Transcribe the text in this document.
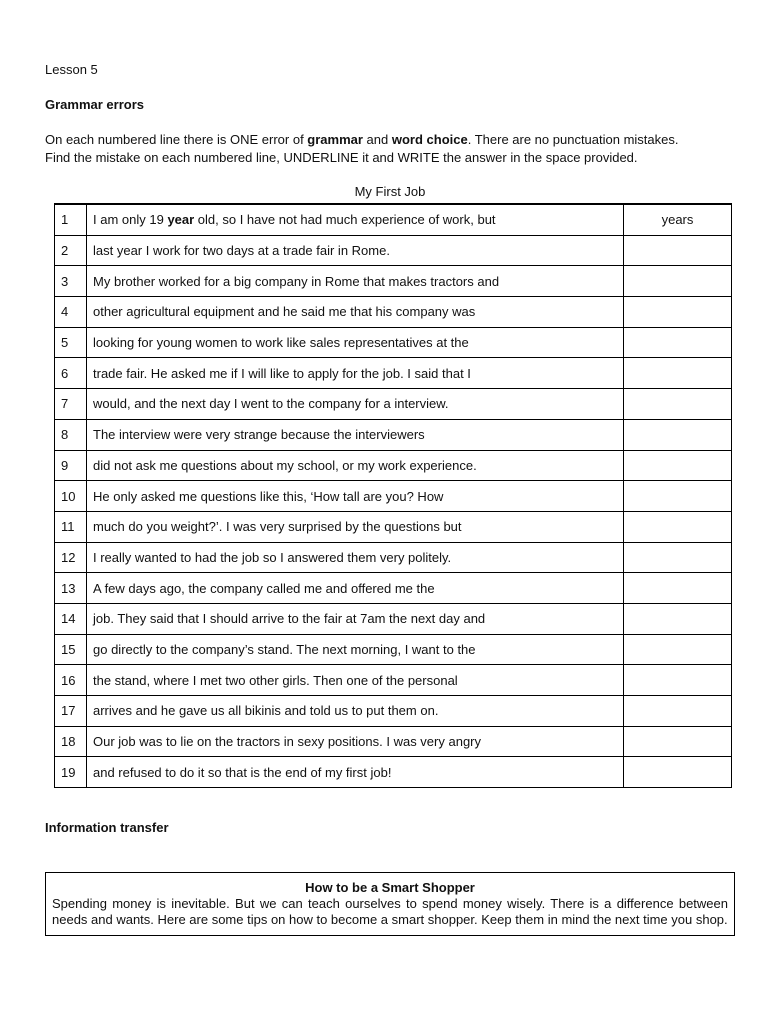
Lesson 5
Grammar errors
On each numbered line there is ONE error of grammar and word choice. There are no punctuation mistakes.
Find the mistake on each numbered line, UNDERLINE it and WRITE the answer in the space provided.
My First Job
1	I am only 19 year old, so I have not had much experience of work, but	years
2	last year I work for two days at a trade fair in Rome.	
3	My brother worked for a big company in Rome that makes tractors and	
4	other agricultural equipment and he said me that his company was	
5	looking for young women to work like sales representatives at the	
6	trade fair. He asked me if I will like to apply for the job. I said that I	
7	would, and the next day I went to the company for a interview.	
8	The interview were very strange because the interviewers	
9	did not ask me questions about my school, or my work experience.	
10	He only asked me questions like this, ‘How tall are you? How	
11	much do you weight?’. I was very surprised by the questions but	
12	I really wanted to had the job so I answered them very politely.	
13	A few days ago, the company called me and offered me the	
14	job. They said that I should arrive to the fair at 7am the next day and	
15	go directly to the company’s stand. The next morning, I want to the	
16	the stand, where I met two other girls. Then one of the personal	
17	arrives and he gave us all bikinis and told us to put them on.	
18	Our job was to lie on the tractors in sexy positions. I was very angry	
19	and refused to do it so that is the end of my first job!	
Information transfer
How to be a Smart Shopper
Spending money is inevitable. But we can teach ourselves to spend money wisely. There is a difference between needs and wants. Here are some tips on how to become a smart shopper. Keep them in mind the next time you shop.
